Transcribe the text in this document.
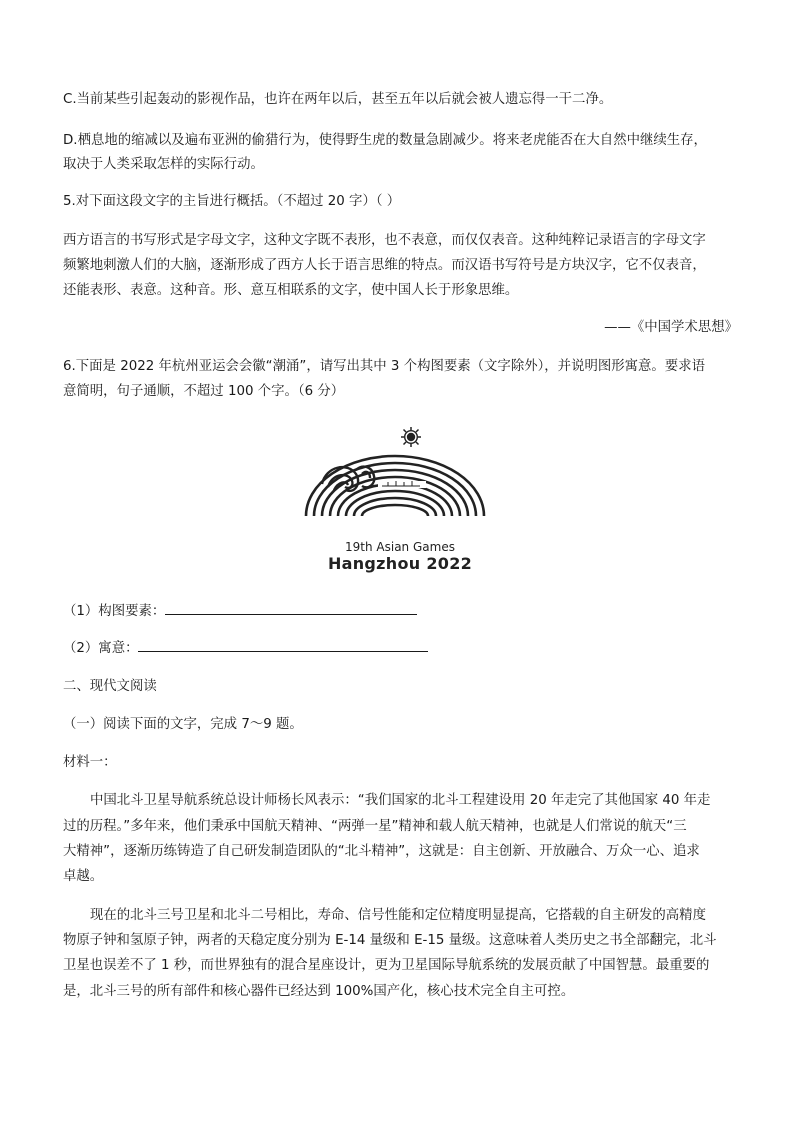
C.当前某些引起轰动的影视作品，也许在两年以后，甚至五年以后就会被人遗忘得一干二净。

D.栖息地的缩减以及遍布亚洲的偷猎行为，使得野生虎的数量急剧减少。将来老虎能否在大自然中继续生存，

取决于人类采取怎样的实际行动。

5.对下面这段文字的主旨进行概括。（不超过 20 字）（ ）

西方语言的书写形式是字母文字，这种文字既不表形，也不表意，而仅仅表音。这种纯粹记录语言的字母文字

频繁地刺激人们的大脑，逐渐形成了西方人长于语言思维的特点。而汉语书写符号是方块汉字，它不仅表音，

还能表形、表意。这种音。形、意互相联系的文字，使中国人长于形象思维。

——《中国学术思想》

6.下面是 2022 年杭州亚运会会徽“潮涌”，请写出其中 3 个构图要素（文字除外），并说明图形寓意。要求语

意简明，句子通顺，不超过 100 个字。（6 分）

19th Asian Games
Hangzhou 2022

（1）构图要素：

（2）寓意：

二、现代文阅读

（一）阅读下面的文字，完成 7～9 题。

材料一：

中国北斗卫星导航系统总设计师杨长风表示：“我们国家的北斗工程建设用 20 年走完了其他国家 40 年走

过的历程。”多年来，他们秉承中国航天精神、“两弹一星”精神和载人航天精神，也就是人们常说的航天“三

大精神”，逐渐历练铸造了自己研发制造团队的“北斗精神”，这就是：自主创新、开放融合、万众一心、追求

卓越。

现在的北斗三号卫星和北斗二号相比，寿命、信号性能和定位精度明显提高，它搭载的自主研发的高精度

物原子钟和氢原子钟，两者的天稳定度分别为 E-14 量级和 E-15 量级。这意味着人类历史之书全部翻完，北斗

卫星也误差不了 1 秒，而世界独有的混合星座设计，更为卫星国际导航系统的发展贡献了中国智慧。最重要的

是，北斗三号的所有部件和核心器件已经达到 100%国产化，核心技术完全自主可控。
